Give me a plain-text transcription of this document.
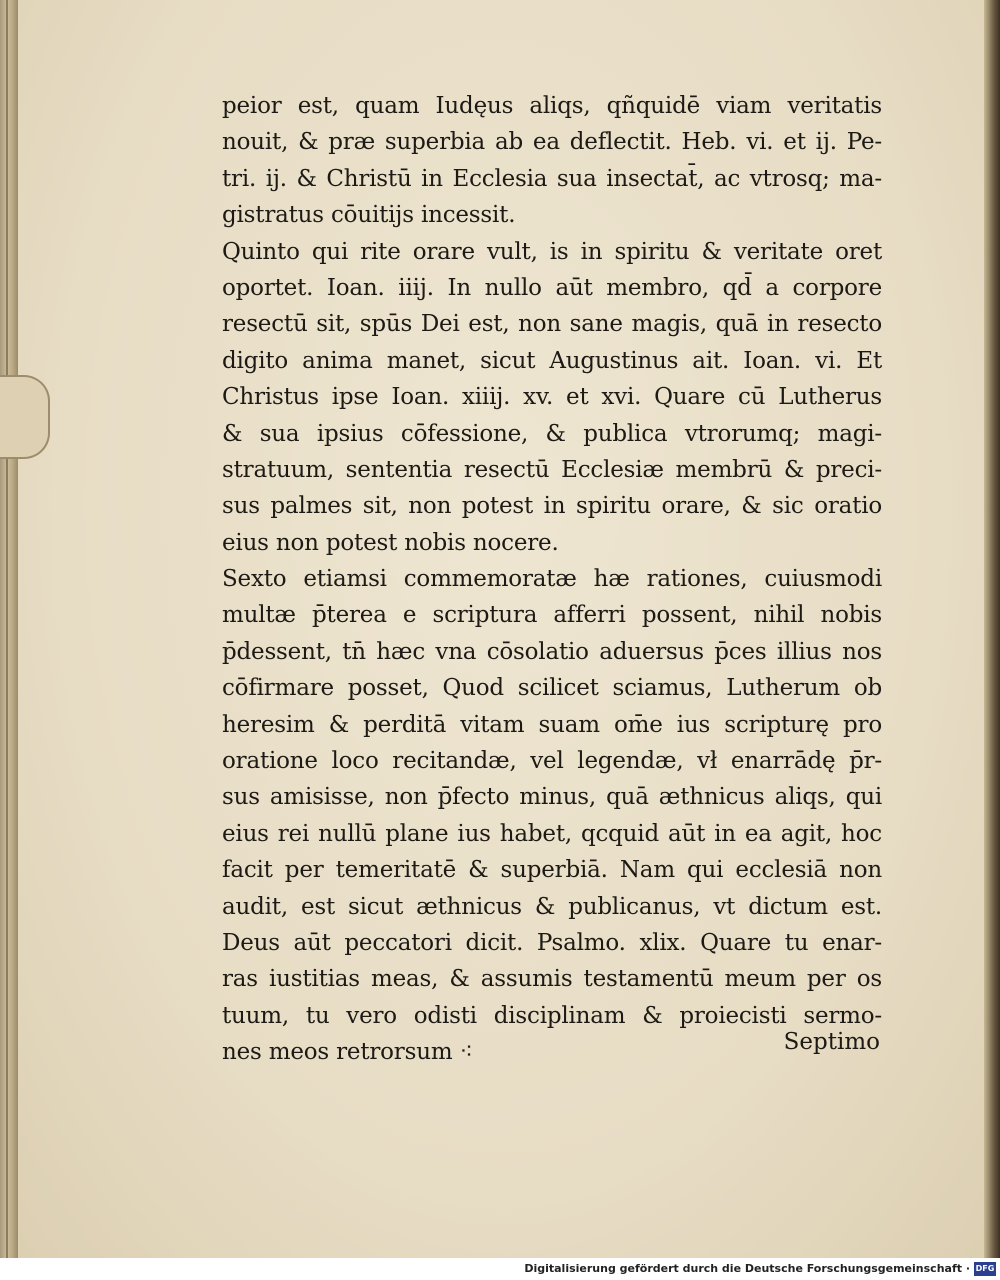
peior est, quam Iudęus aliqs, qñquidē viam veritatis
nouit, & præ superbia ab ea deflectit. Heb. vi. et ij. Pe-
tri. ij. & Christū in Ecclesia sua insectat̄, ac vtrosq; ma-
gistratus cōuitijs incessit.
Quinto qui rite orare vult, is in spiritu & veritate oret
oportet. Ioan. iiij. In nullo aūt membro, qd̄ a corpore
resectū sit, spūs Dei est, non sane magis, quā in resecto
digito anima manet, sicut Augustinus ait. Ioan. vi. Et
Christus ipse Ioan. xiiij. xv. et xvi. Quare cū Lutherus
& sua ipsius cōfessione, & publica vtrorumq; magi-
stratuum, sententia resectū Ecclesiæ membrū & preci-
sus palmes sit, non potest in spiritu orare, & sic oratio
eius non potest nobis nocere.
Sexto etiamsi commemoratæ hæ rationes, cuiusmodi
multæ p̄terea e scriptura afferri possent, nihil nobis
p̄dessent, tn̄ hæc vna cōsolatio aduersus p̄ces illius nos
cōfirmare posset, Quod scilicet sciamus, Lutherum ob
heresim & perditā vitam suam om̄e ius scripturę pro
oratione loco recitandæ, vel legendæ, vł enarrādę p̄r-
sus amisisse, non p̄fecto minus, quā æthnicus aliqs, qui
eius rei nullū plane ius habet, qcquid aūt in ea agit, hoc
facit per temeritatē & superbiā. Nam qui ecclesiā non
audit, est sicut æthnicus & publicanus, vt dictum est.
Deus aūt peccatori dicit. Psalmo. xlix. Quare tu enar-
ras iustitias meas, & assumis testamentū meum per os
tuum, tu vero odisti disciplinam & proiecisti sermo-
nes meos retrorsum ⁖	Septimo
Digitalisierung gefördert durch die Deutsche Forschungsgemeinschaft · DFG
